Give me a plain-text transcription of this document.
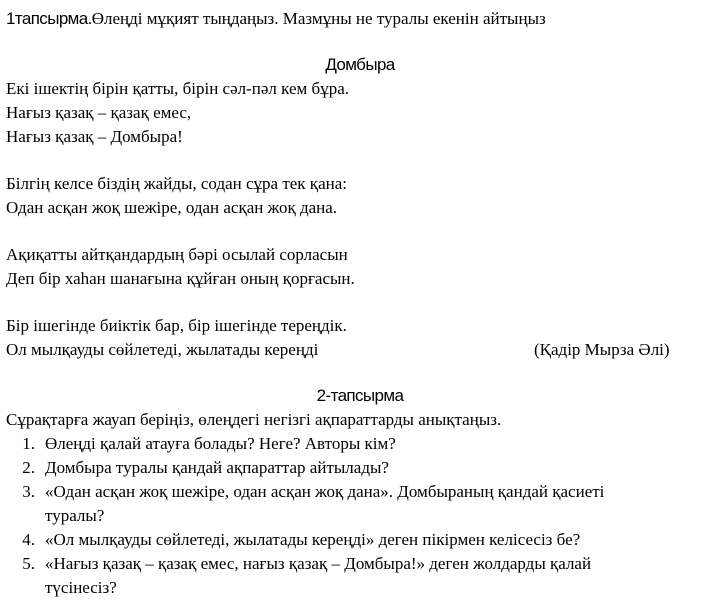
1тапсырма.Өлеңді мұқият тыңдаңыз. Мазмұны не туралы екенін айтыңыз
Домбыра
Екі ішектің бірін қатты, бірін сәл-пәл кем бұра.
Нағыз қазақ – қазақ емес,
Нағыз қазақ – Домбыра!
Білгің келсе біздің жайды, содан сұра тек қана:
Одан асқан жоқ шежіре, одан асқан жоқ дана.
Ақиқатты айтқандардың бәрі осылай сорласын
Деп бір хаһан шанағына құйған оның қорғасын.
Бір ішегінде биіктік бар, бір ішегінде тереңдік.
Ол мылқауды сөйлетеді, жылатады кереңді	(Қадір Мырза Әлі)
2-тапсырма
Сұрақтарға жауап беріңіз, өлеңдегі негізгі ақпараттарды анықтаңыз.
1. Өлеңді қалай атауға болады? Неге? Авторы кім?
2. Домбыра туралы қандай ақпараттар айтылады?
3. «Одан асқан жоқ шежіре, одан асқан жоқ дана». Домбыраның қандай қасиеті
туралы?
4. «Ол мылқауды сөйлетеді, жылатады кереңді» деген пікірмен келісесіз бе?
5. «Нағыз қазақ – қазақ емес, нағыз қазақ – Домбыра!» деген жолдарды қалай
түсінесіз?
